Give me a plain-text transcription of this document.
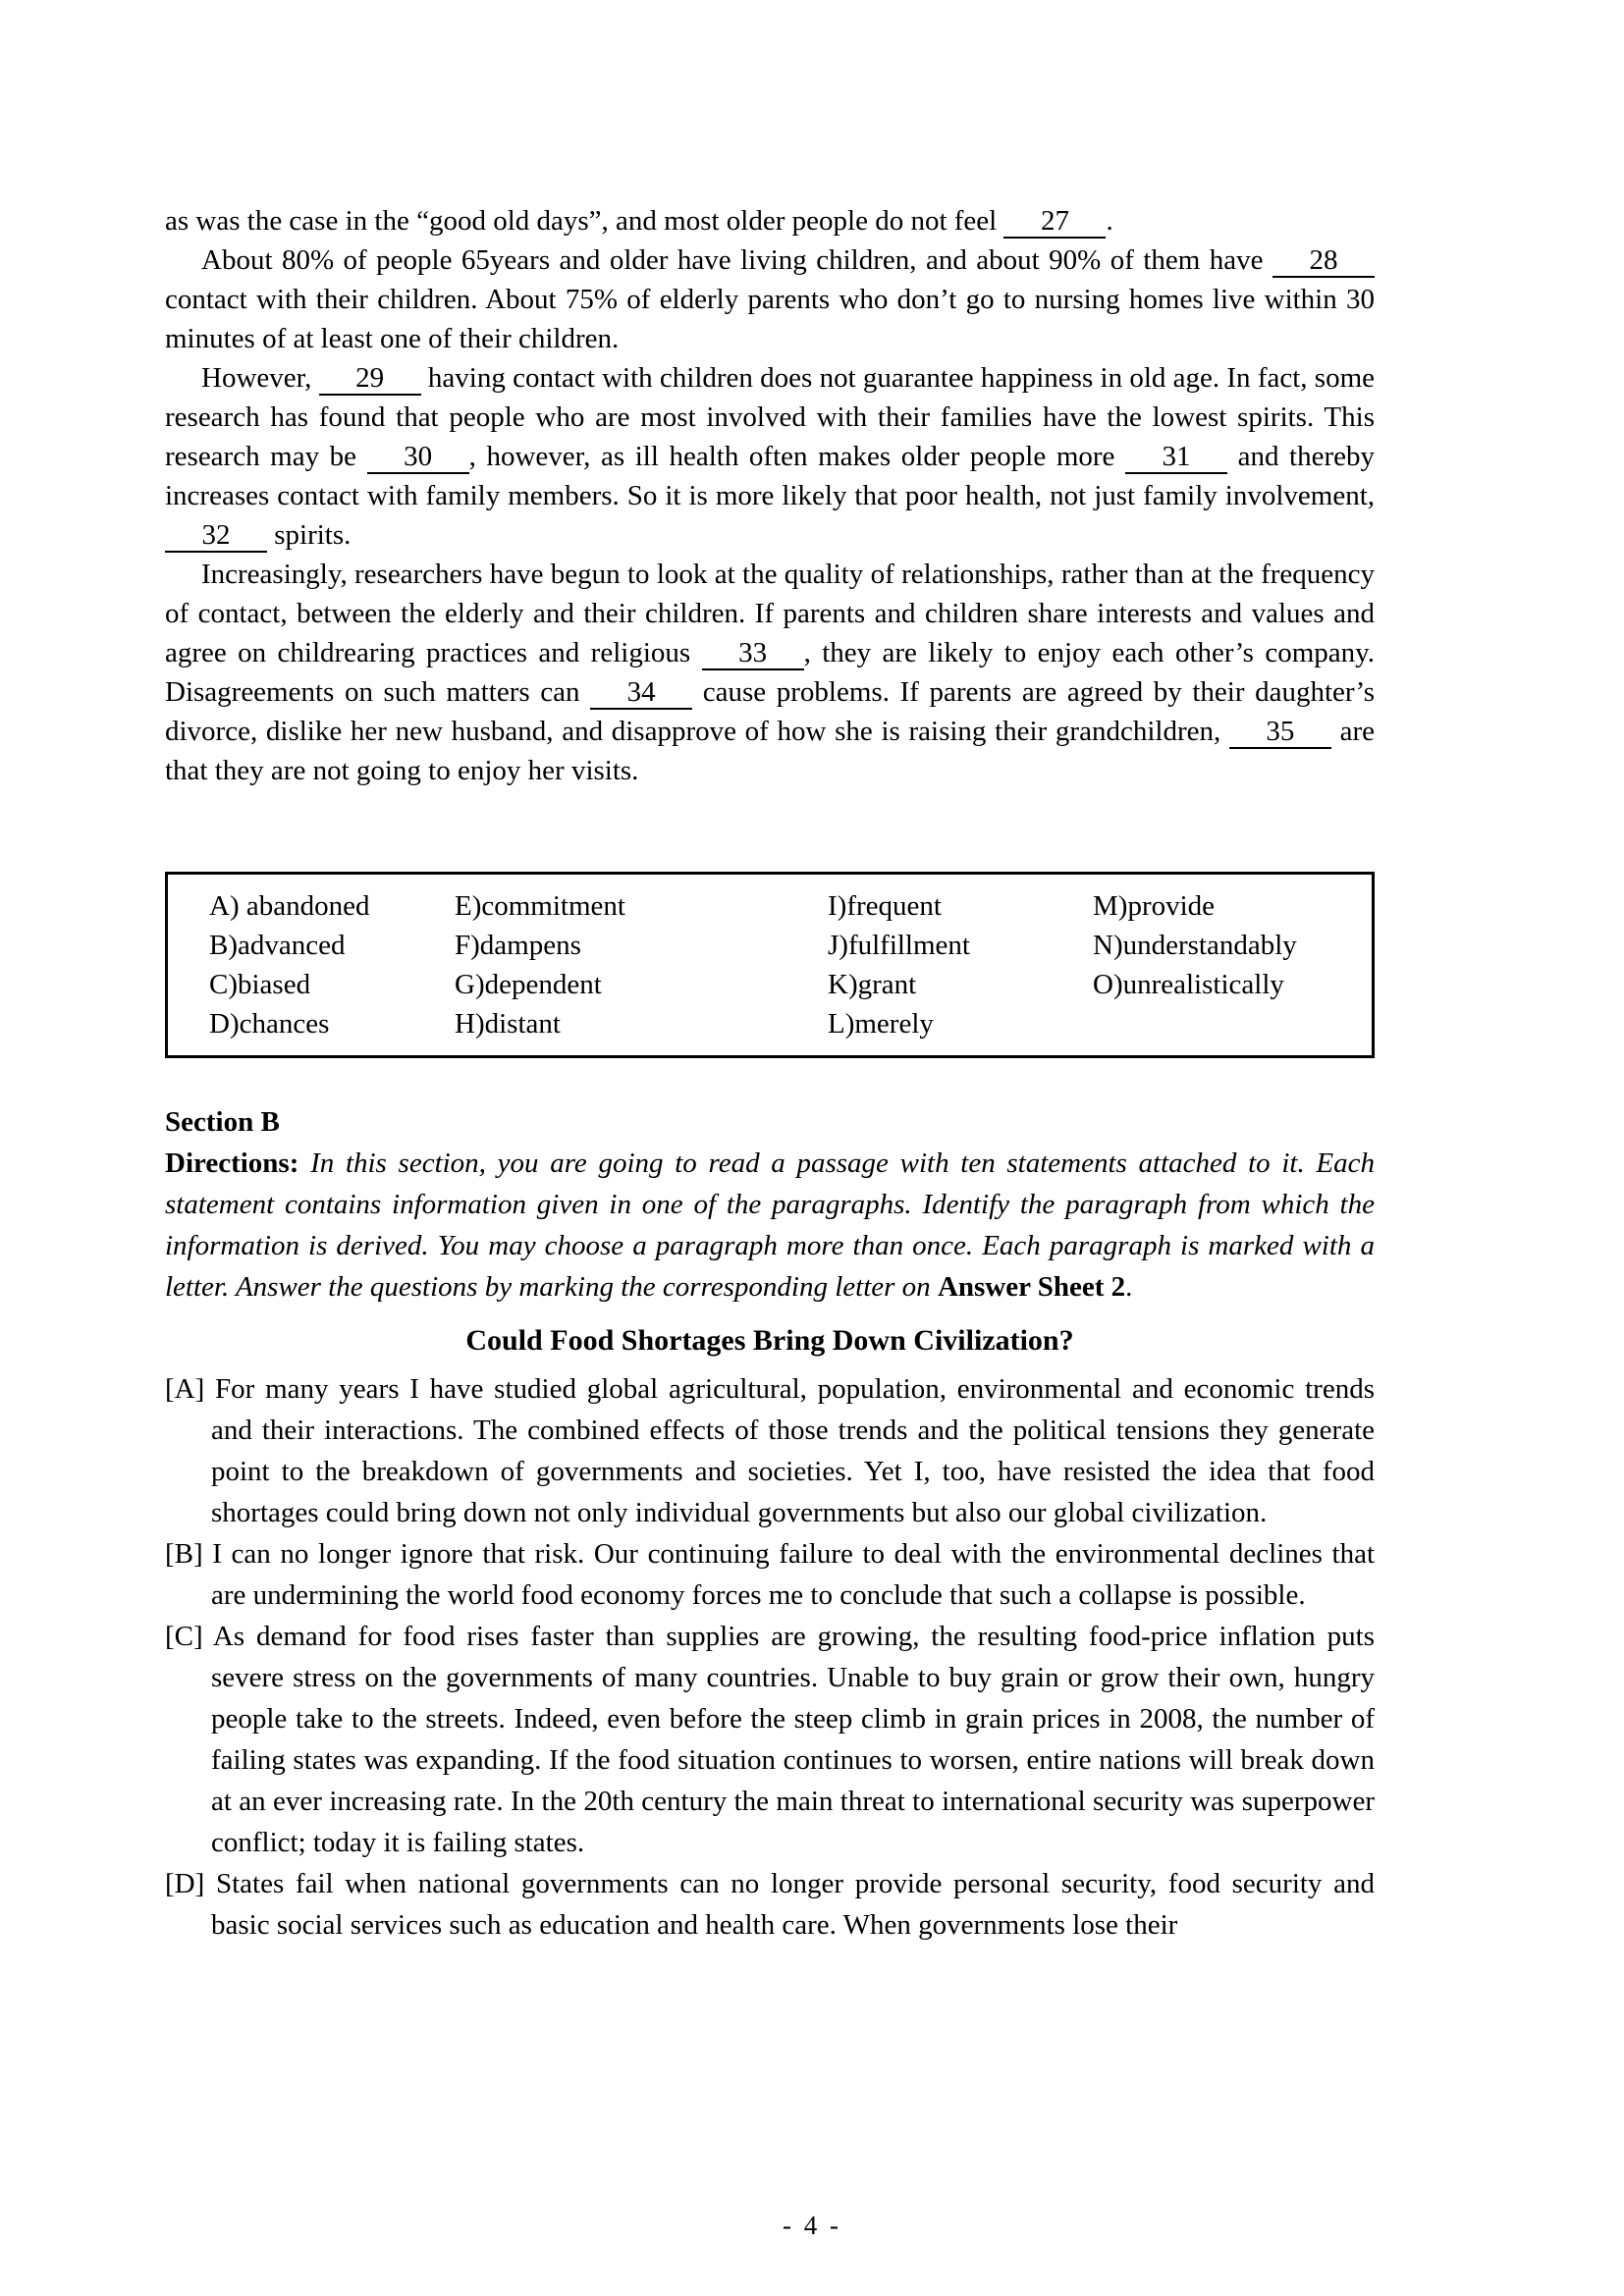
as was the case in the “good old days”, and most older people do not feel 27 .

About 80% of people 65years and older have living children, and about 90% of them have 28 contact with their children. About 75% of elderly parents who don’t go to nursing homes live within 30 minutes of at least one of their children.

However, 29 having contact with children does not guarantee happiness in old age. In fact, some research has found that people who are most involved with their families have the lowest spirits. This research may be 30 , however, as ill health often makes older people more 31 and thereby increases contact with family members. So it is more likely that poor health, not just family involvement, 32 spirits.

Increasingly, researchers have begun to look at the quality of relationships, rather than at the frequency of contact, between the elderly and their children. If parents and children share interests and values and agree on childrearing practices and religious 33 , they are likely to enjoy each other’s company. Disagreements on such matters can 34 cause problems. If parents are agreed by their daughter’s divorce, dislike her new husband, and disapprove of how she is raising their grandchildren, 35 are that they are not going to enjoy her visits.

A) abandoned	E)commitment	I)frequent	M)provide
B)advanced	F)dampens	J)fulfillment	N)understandably
C)biased	G)dependent	K)grant	O)unrealistically
D)chances	H)distant	L)merely
Section B

Directions: In this section, you are going to read a passage with ten statements attached to it. Each statement contains information given in one of the paragraphs. Identify the paragraph from which the information is derived. You may choose a paragraph more than once. Each paragraph is marked with a letter. Answer the questions by marking the corresponding letter on Answer Sheet 2.

Could Food Shortages Bring Down Civilization?

[A] For many years I have studied global agricultural, population, environmental and economic trends and their interactions. The combined effects of those trends and the political tensions they generate point to the breakdown of governments and societies. Yet I, too, have resisted the idea that food shortages could bring down not only individual governments but also our global civilization.

[B] I can no longer ignore that risk. Our continuing failure to deal with the environmental declines that are undermining the world food economy forces me to conclude that such a collapse is possible.

[C] As demand for food rises faster than supplies are growing, the resulting food-price inflation puts severe stress on the governments of many countries. Unable to buy grain or grow their own, hungry people take to the streets. Indeed, even before the steep climb in grain prices in 2008, the number of failing states was expanding. If the food situation continues to worsen, entire nations will break down at an ever increasing rate. In the 20th century the main threat to international security was superpower conflict; today it is failing states.

[D] States fail when national governments can no longer provide personal security, food security and basic social services such as education and health care. When governments lose their

- 4 -
